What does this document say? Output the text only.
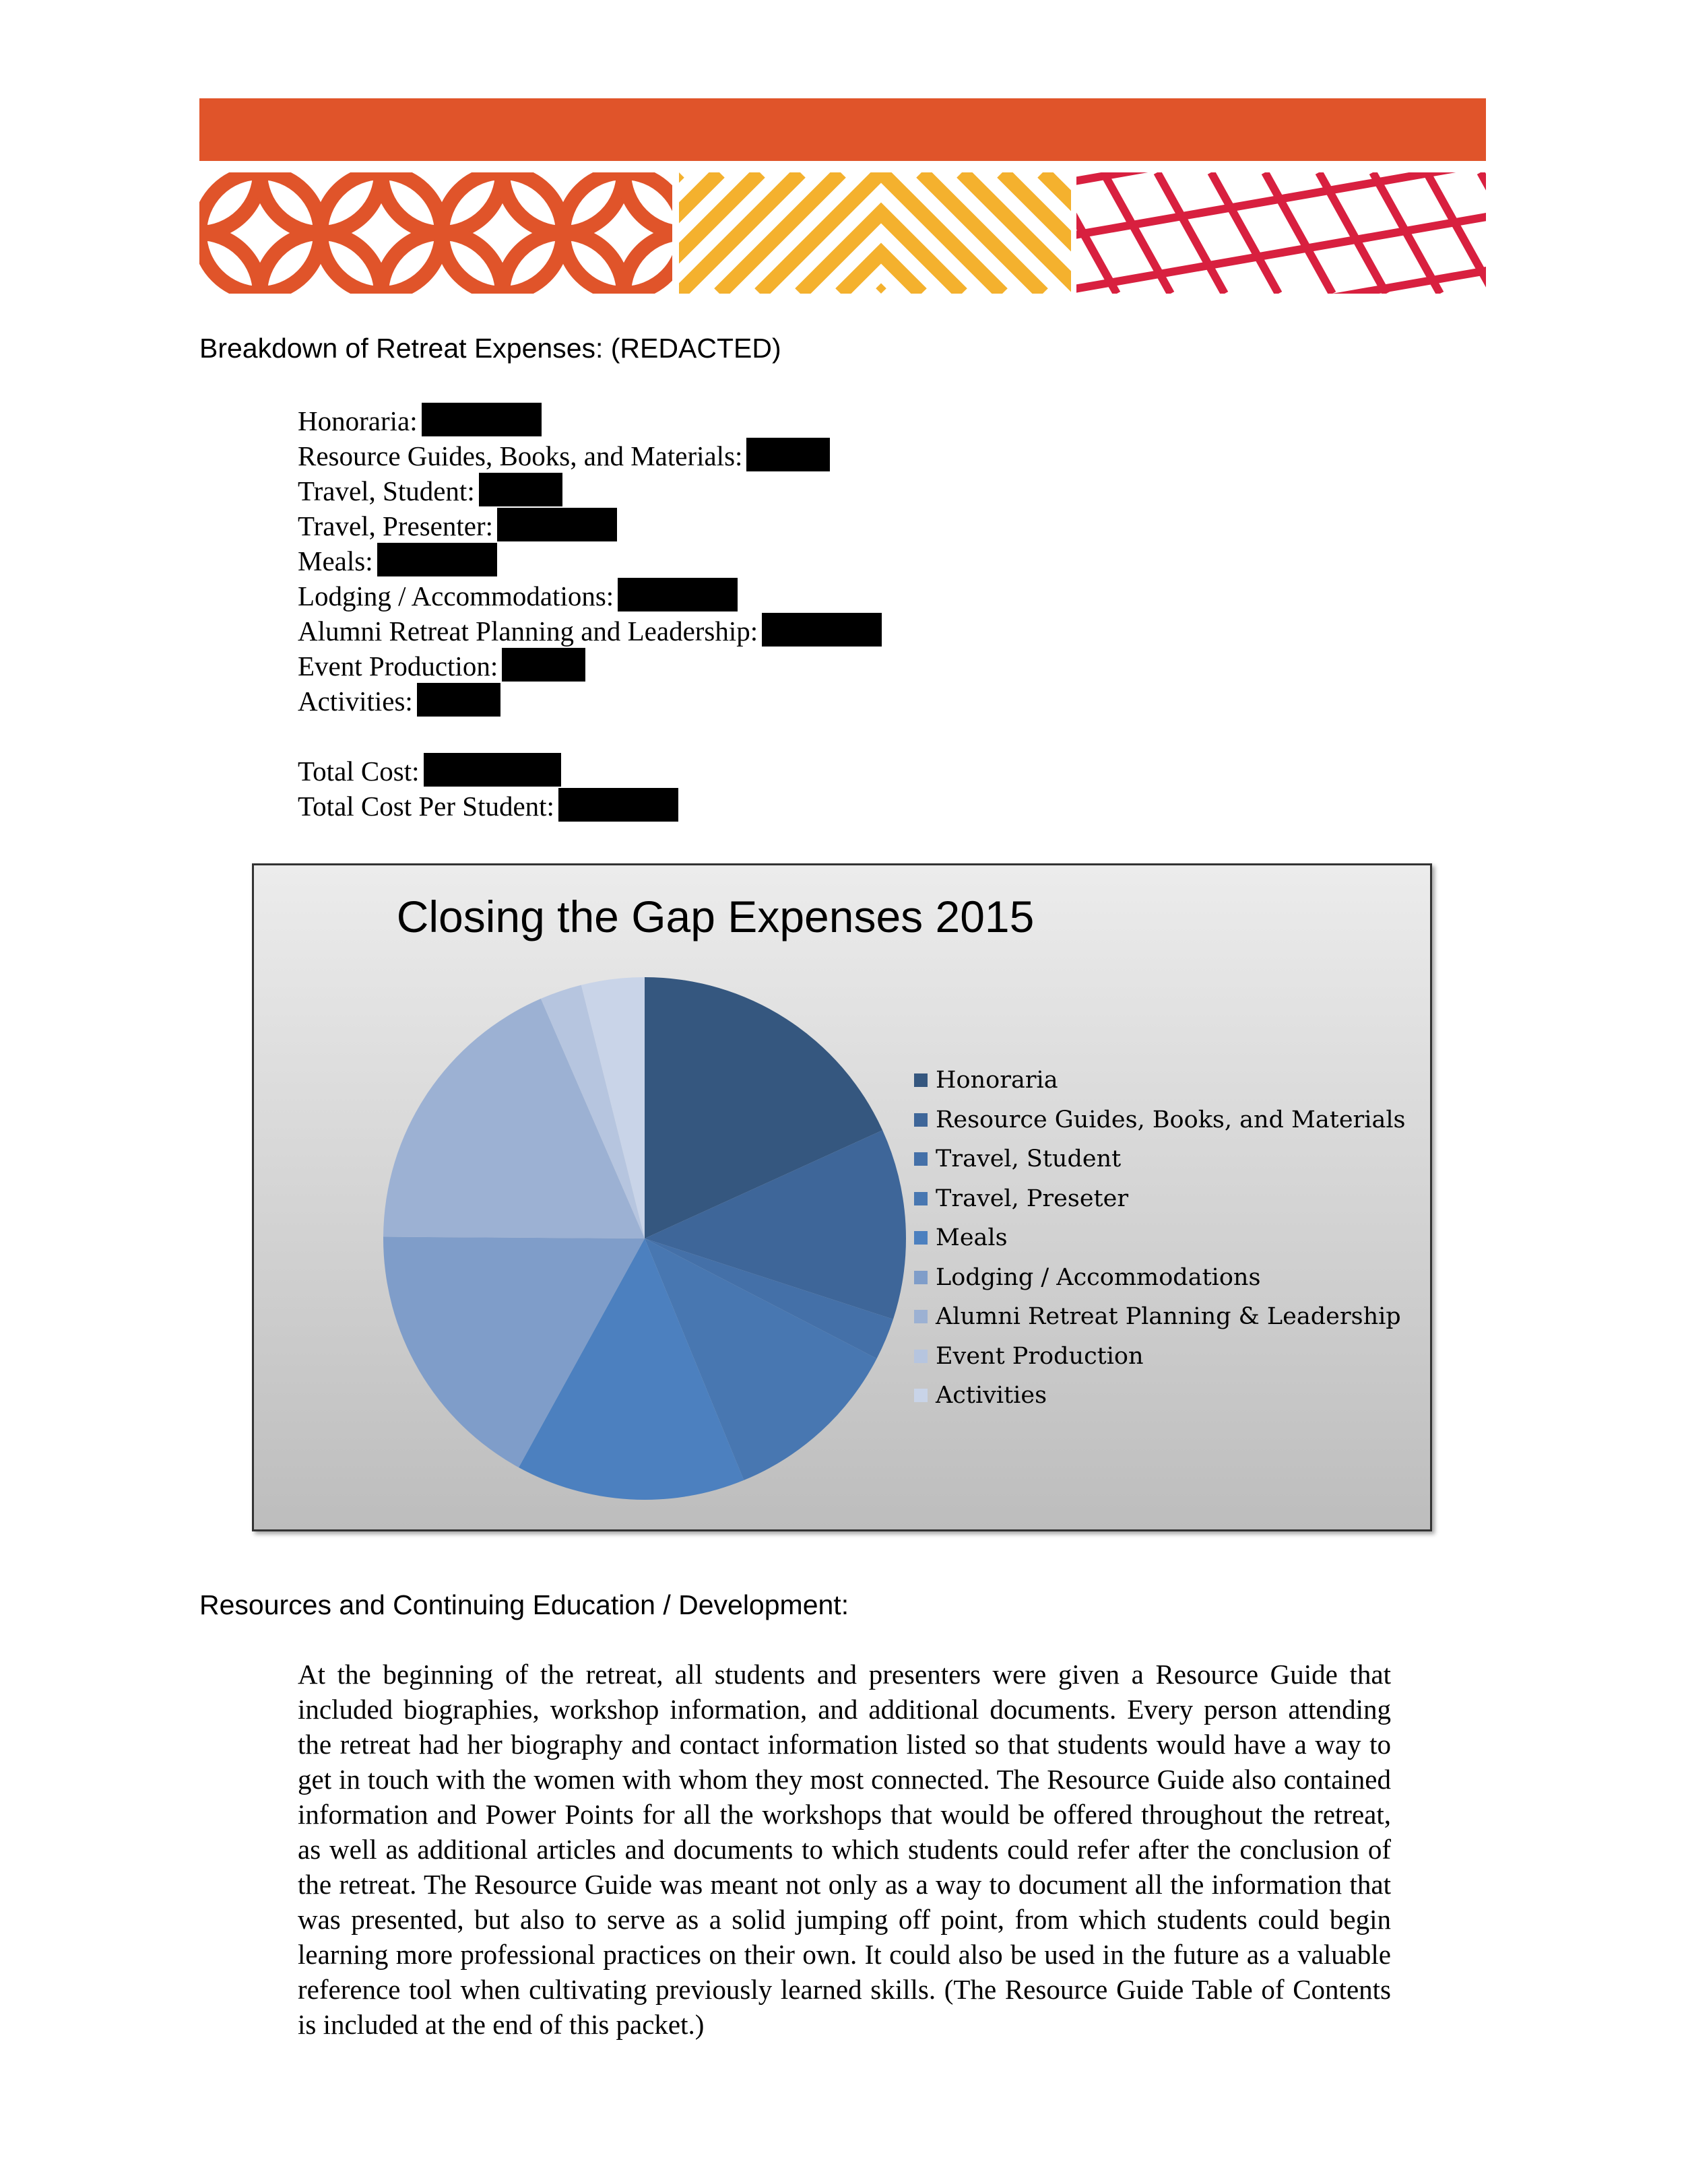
Breakdown of Retreat Expenses: (REDACTED)
Honoraria:
Resource Guides, Books, and Materials:
Travel, Student:
Travel, Presenter:
Meals:
Lodging / Accommodations:
Alumni Retreat Planning and Leadership:
Event Production:
Activities:
Total Cost:
Total Cost Per Student:
Closing the Gap Expenses 2015
Honoraria
Resource Guides, Books, and Materials
Travel, Student
Travel, Preseter
Meals
Lodging / Accommodations
Alumni Retreat Planning & Leadership
Event Production
Activities
Resources and Continuing Education / Development:
At the beginning of the retreat, all students and presenters were given a Resource Guide that included biographies, workshop information, and additional documents. Every person attending the retreat had her biography and contact information listed so that students would have a way to get in touch with the women with whom they most connected. The Resource Guide also contained information and Power Points for all the workshops that would be offered throughout the retreat, as well as additional articles and documents to which students could refer after the conclusion of the retreat. The Resource Guide was meant not only as a way to document all the information that was presented, but also to serve as a solid jumping off point, from which students could begin learning more professional practices on their own. It could also be used in the future as a valuable reference tool when cultivating previously learned skills. (The Resource Guide Table of Contents is included at the end of this packet.)
